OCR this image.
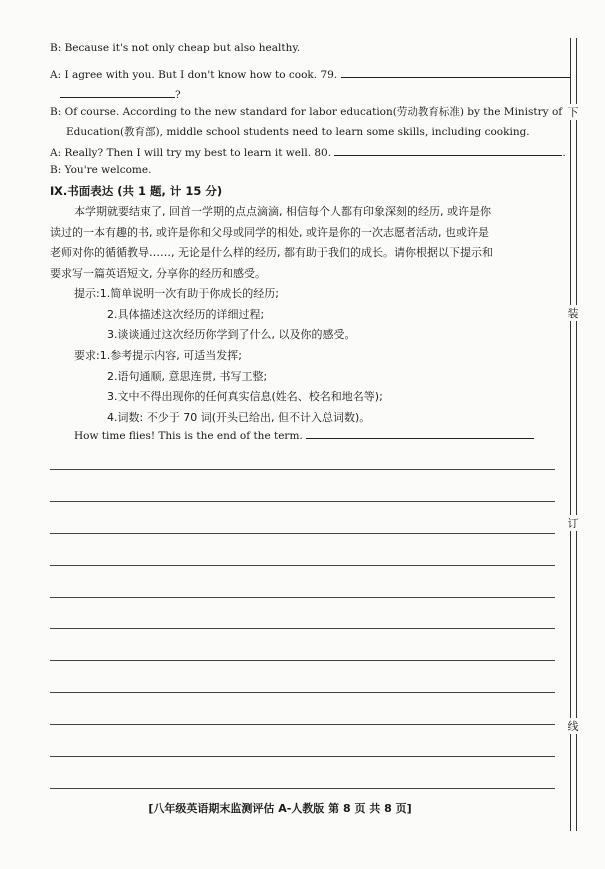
B: Because it's not only cheap but also healthy.
A: I agree with you. But I don't know how to cook. 79.
?
B: Of course. According to the new standard for labor education(劳动教育标准) by the Ministry of
Education(教育部), middle school students need to learn some skills, including cooking.
A: Really? Then I will try my best to learn it well. 80.	.
B: You're welcome.
Ⅸ.书面表达 (共 1 题, 计 15 分)
本学期就要结束了, 回首一学期的点点滴滴, 相信每个人都有印象深刻的经历, 或许是你
读过的一本有趣的书, 或许是你和父母或同学的相处, 或许是你的一次志愿者活动, 也或许是
老师对你的循循教导……, 无论是什么样的经历, 都有助于我们的成长。请你根据以下提示和
要求写一篇英语短文, 分享你的经历和感受。
提示:1.简单说明一次有助于你成长的经历;
2.具体描述这次经历的详细过程;
3.谈谈通过这次经历你学到了什么, 以及你的感受。
要求:1.参考提示内容, 可适当发挥;
2.语句通顺, 意思连贯, 书写工整;
3.文中不得出现你的任何真实信息(姓名、校名和地名等);
4.词数: 不少于 70 词(开头已给出, 但不计入总词数)。
How time flies! This is the end of the term.
下
装
订
线
[八年级英语期末监测评估 A-人教版 第 8 页 共 8 页]
